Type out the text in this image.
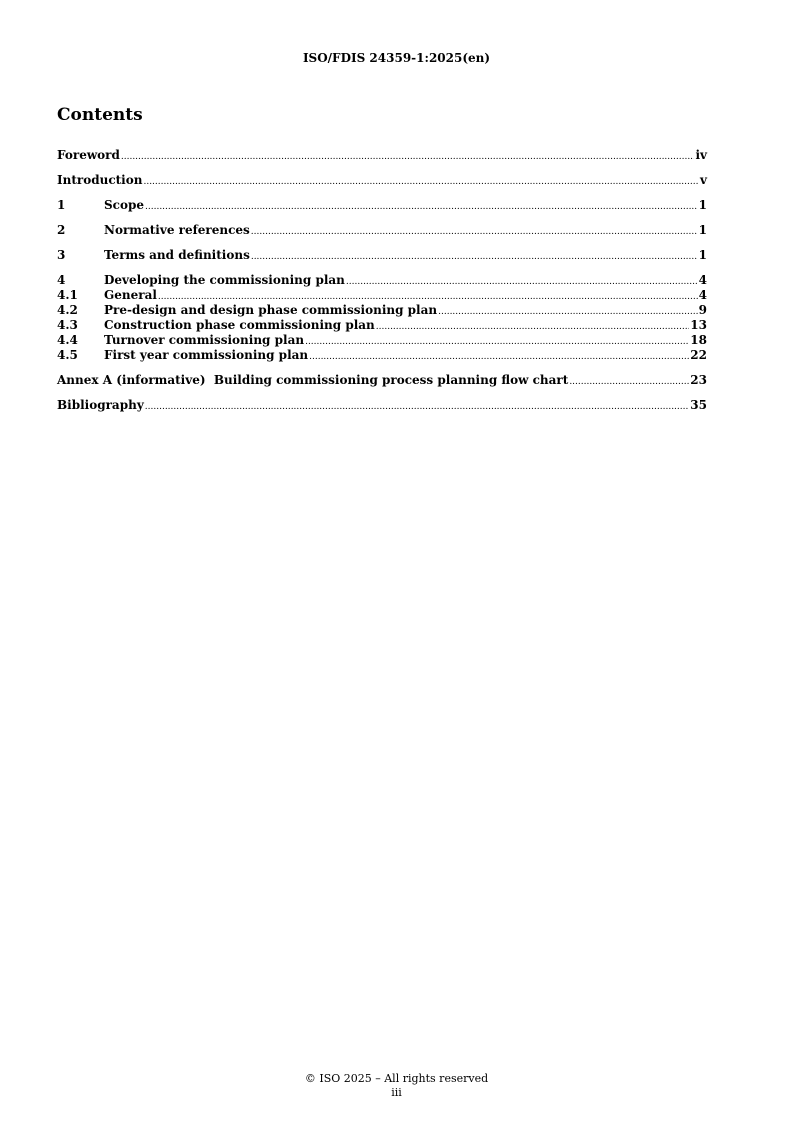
ISO/FDIS 24359-1:2025(en)
Contents
Foreword .....	iv
Introduction .....	v
1	Scope .....	1
2	Normative references .....	1
3	Terms and definitions .....	1
4	Developing the commissioning plan .....	4
4.1	General .....	4
4.2	Pre-design and design phase commissioning plan .....	9
4.3	Construction phase commissioning plan .....	13
4.4	Turnover commissioning plan .....	18
4.5	First year commissioning plan .....	22
Annex A (informative)  Building commissioning process planning flow chart .....	23
Bibliography .....	35
© ISO 2025 – All rights reserved
iii
